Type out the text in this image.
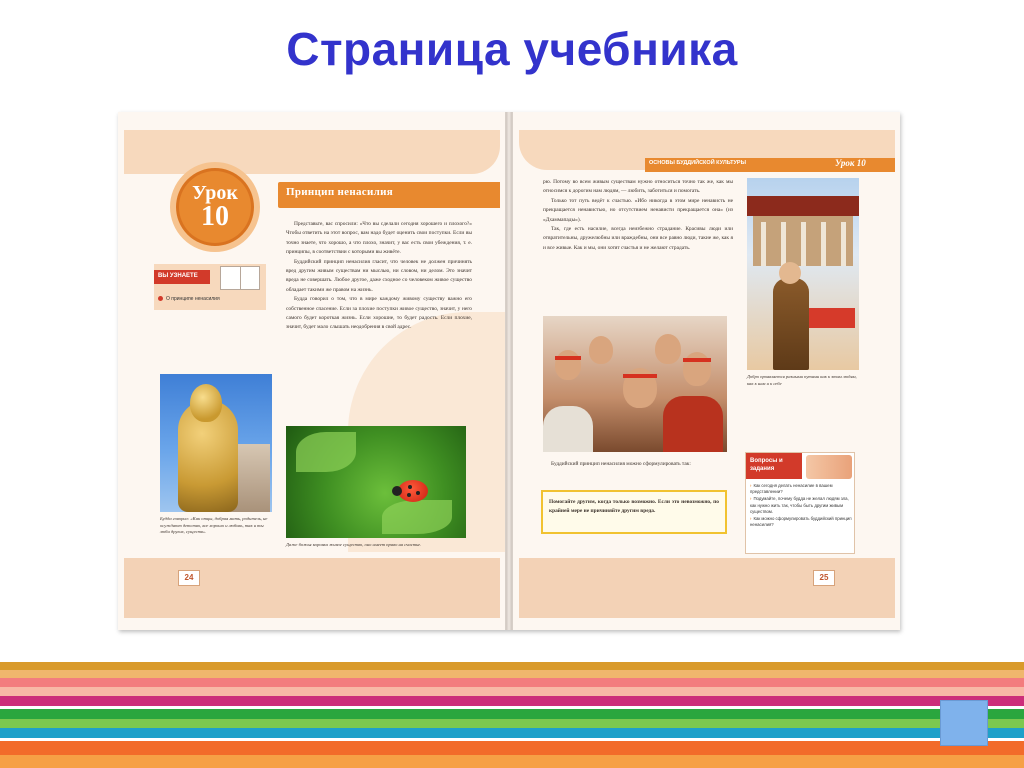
Страница учебника
Урок
10
Принцип ненасилия
ВЫ УЗНАЕТЕ
О принципе ненасилия

Представьте, вас спросили: «Что вы сделали сегодня хорошего и плохого?» Чтобы ответить на этот вопрос, вам надо будет оценить свои поступки. Если вы точно знаете, что хорошо, а что плохо, значит, у вас есть свои убеждения, т. е. принципы, в соответствии с которыми вы живёте.

Буддийский принцип ненасилия гласит, что человек не должен причинять вред другим живым существам ни мыслью, ни словом, ни делом. Это значит вреда не совершать. Любое другое, даже сходное со человеком живое существо обладает такими же правом на жизнь.

Будда говорил о том, что в мире каждому живому существу важно его собственное спасение. Если за плохие поступки живое существо, значит, у него самого будет короткая жизнь. Если хорошие, то будет радость. Если плохие, значит, будет мало слышать неодобрения в свой адрес.

Будда говорил: «Как отцы, добрая мать, родитель, не осуждают детство, все хорошо и любовь, так и ты люби других, существ».
Даже божья коровка живое существо, оно имеет право на счастье.
24
ОСНОВЫ БУДДИЙСКОЙ КУЛЬТУРЫ	Урок 10

рю. Потому во всем живым существам нужно относиться точно так же, как мы относимся к дорогим нам людям, — любить, заботиться и помогать.

Только тот путь ведёт к счастью. «Ибо никогда в этом мире ненависть не прекращается ненавистью, но отсутствием ненависти прекращается она» (из «Дхаммапады»).

Так, где есть насилие, всегда неизбежно страдание. Красивы люди или отвратительны, дружелюбны или враждебны, они все равно люди, такие же, как я и все живые. Как и мы, они хотят счастья и не желают страдать.

Добро проявляется разными путями как к этим людям, как к нам и к себе

Буддийский принцип ненасилия можно сформулировать так:

Помогайте другим, когда только возможно. Если это невозможно, по крайней мере не причиняйте другим вреда.
Вопросы и задания
› Как сегодня делать ненасилие в вашем представлении?
› Подумайте, почему будда не желал людям зла, как нужно жить так, чтобы быть другим живым существом.
› Как можно сформулировать буддийский принцип ненасилия?
25
